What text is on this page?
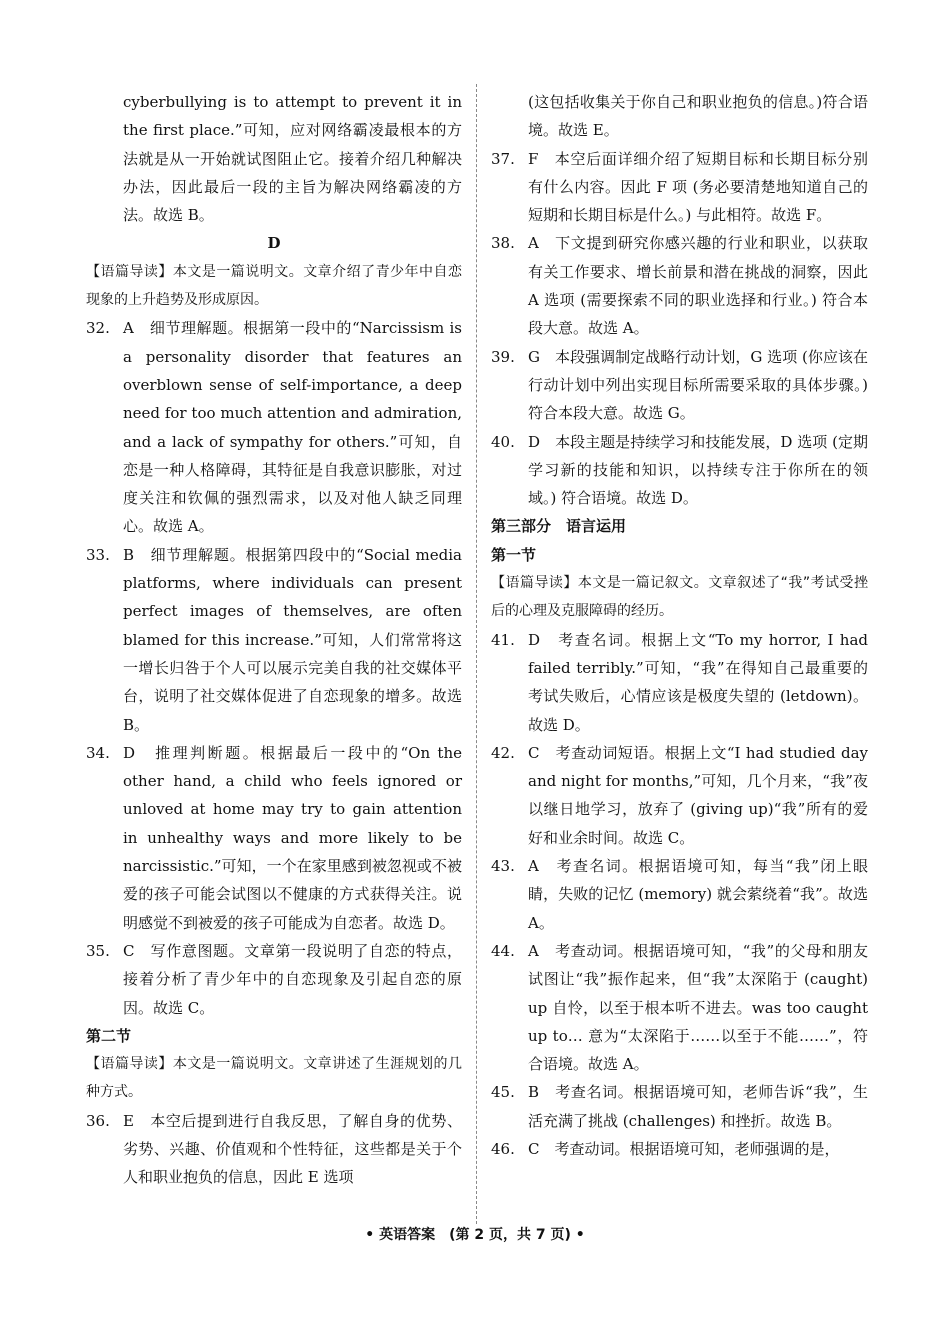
cyberbullying is to attempt to prevent it in the first place.”可知，应对网络霸凌最根本的方法就是从一开始就试图阻止它。接着介绍几种解决办法，因此最后一段的主旨为解决网络霸凌的方法。故选 B。
D
【语篇导读】本文是一篇说明文。文章介绍了青少年中自恋现象的上升趋势及形成原因。
32. A　细节理解题。根据第一段中的“Narcissism is a personality disorder that features an overblown sense of self-importance, a deep need for too much attention and admiration, and a lack of sympathy for others.”可知，自恋是一种人格障碍，其特征是自我意识膨胀，对过度关注和钦佩的强烈需求，以及对他人缺乏同理心。故选 A。
33. B　细节理解题。根据第四段中的“Social media platforms, where individuals can present perfect images of themselves, are often blamed for this increase.”可知，人们常常将这一增长归咎于个人可以展示完美自我的社交媒体平台，说明了社交媒体促进了自恋现象的增多。故选 B。
34. D　推理判断题。根据最后一段中的“On the other hand, a child who feels ignored or unloved at home may try to gain attention in unhealthy ways and more likely to be narcissistic.”可知，一个在家里感到被忽视或不被爱的孩子可能会试图以不健康的方式获得关注。说明感觉不到被爱的孩子可能成为自恋者。故选 D。
35. C　写作意图题。文章第一段说明了自恋的特点，接着分析了青少年中的自恋现象及引起自恋的原因。故选 C。
第二节
【语篇导读】本文是一篇说明文。文章讲述了生涯规划的几种方式。
36. E　本空后提到进行自我反思，了解自身的优势、劣势、兴趣、价值观和个性特征，这些都是关于个人和职业抱负的信息，因此 E 选项
(这包括收集关于你自己和职业抱负的信息。)符合语境。故选 E。
37. F　本空后面详细介绍了短期目标和长期目标分别有什么内容。因此 F 项 (务必要清楚地知道自己的短期和长期目标是什么。) 与此相符。故选 F。
38. A　下文提到研究你感兴趣的行业和职业，以获取有关工作要求、增长前景和潜在挑战的洞察，因此 A 选项 (需要探索不同的职业选择和行业。) 符合本段大意。故选 A。
39. G　本段强调制定战略行动计划，G 选项 (你应该在行动计划中列出实现目标所需要采取的具体步骤。) 符合本段大意。故选 G。
40. D　本段主题是持续学习和技能发展，D 选项 (定期学习新的技能和知识，以持续专注于你所在的领域。) 符合语境。故选 D。
第三部分　语言运用
第一节
【语篇导读】本文是一篇记叙文。文章叙述了“我”考试受挫后的心理及克服障碍的经历。
41. D　考查名词。根据上文“To my horror, I had failed terribly.”可知，“我”在得知自己最重要的考试失败后，心情应该是极度失望的 (letdown)。故选 D。
42. C　考查动词短语。根据上文“I had studied day and night for months,”可知，几个月来，“我”夜以继日地学习，放弃了 (giving up)“我”所有的爱好和业余时间。故选 C。
43. A　考查名词。根据语境可知，每当“我”闭上眼睛，失败的记忆 (memory) 就会萦绕着“我”。故选 A。
44. A　考查动词。根据语境可知，“我”的父母和朋友试图让“我”振作起来，但“我”太深陷于 (caught) up 自怜，以至于根本听不进去。was too caught up to… 意为“太深陷于……以至于不能……”，符合语境。故选 A。
45. B　考查名词。根据语境可知，老师告诉“我”，生活充满了挑战 (challenges) 和挫折。故选 B。
46. C　考查动词。根据语境可知，老师强调的是，
• 英语答案　(第 2 页，共 7 页) •
